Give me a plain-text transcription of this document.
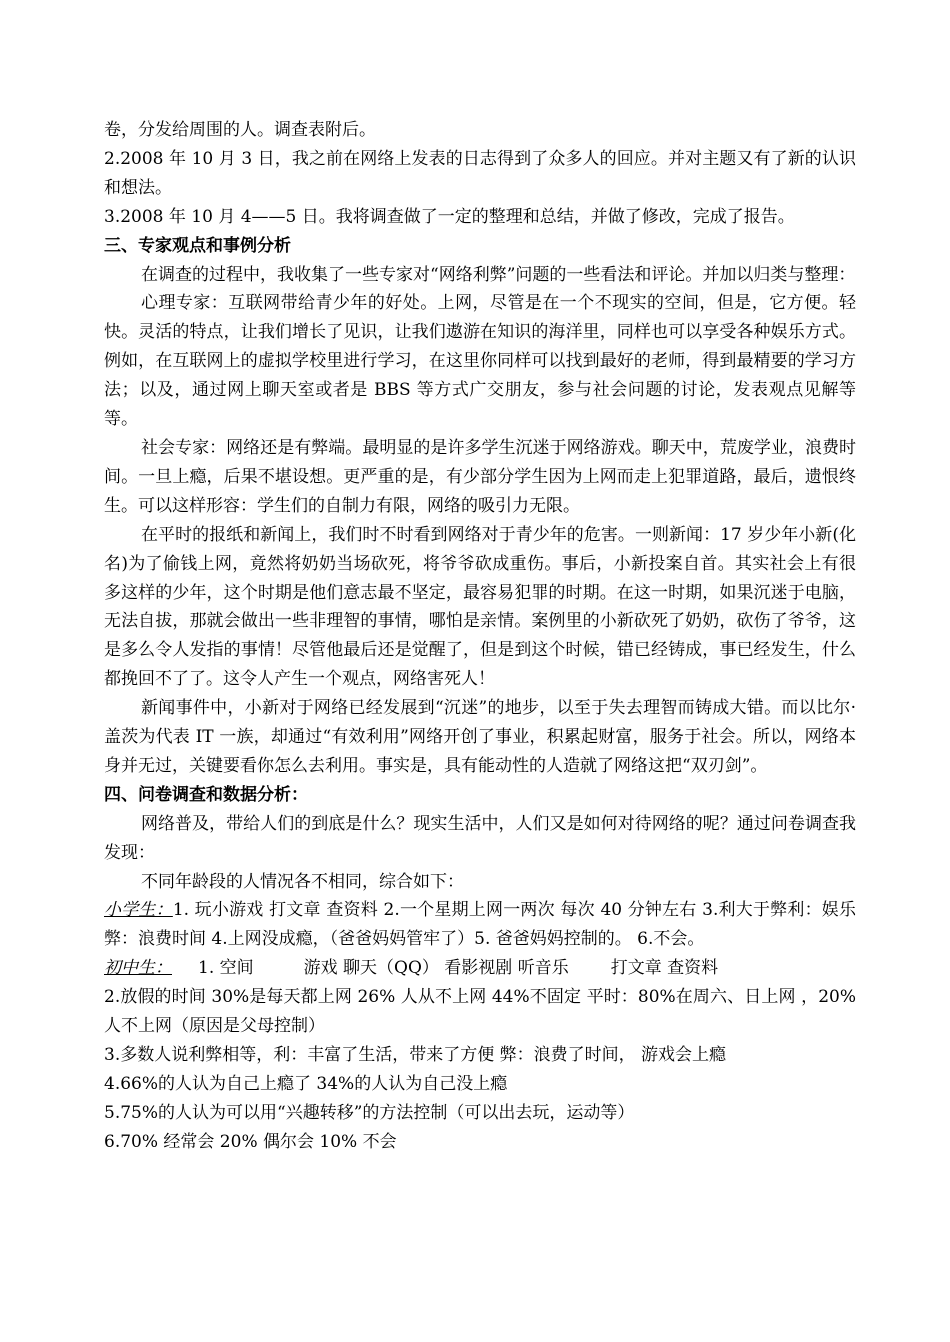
卷，分发给周围的人。调查表附后。

2.2008 年 10 月 3 日，我之前在网络上发表的日志得到了众多人的回应。并对主题又有了新的认识和想法。

3.2008 年 10 月 4——5 日。我将调查做了一定的整理和总结，并做了修改，完成了报告。

三、专家观点和事例分析

在调查的过程中，我收集了一些专家对“网络利弊”问题的一些看法和评论。并加以归类与整理：

心理专家：互联网带给青少年的好处。上网，尽管是在一个不现实的空间，但是，它方便。轻快。灵活的特点，让我们增长了见识，让我们遨游在知识的海洋里，同样也可以享受各种娱乐方式。例如，在互联网上的虚拟学校里进行学习，在这里你同样可以找到最好的老师，得到最精要的学习方法；以及，通过网上聊天室或者是 BBS 等方式广交朋友，参与社会问题的讨论，发表观点见解等等。

社会专家：网络还是有弊端。最明显的是许多学生沉迷于网络游戏。聊天中，荒废学业，浪费时间。一旦上瘾，后果不堪设想。更严重的是，有少部分学生因为上网而走上犯罪道路，最后，遗恨终生。可以这样形容：学生们的自制力有限，网络的吸引力无限。

在平时的报纸和新闻上，我们时不时看到网络对于青少年的危害。一则新闻：17 岁少年小新(化名)为了偷钱上网，竟然将奶奶当场砍死，将爷爷砍成重伤。事后，小新投案自首。其实社会上有很多这样的少年，这个时期是他们意志最不坚定，最容易犯罪的时期。在这一时期，如果沉迷于电脑，无法自拔，那就会做出一些非理智的事情，哪怕是亲情。案例里的小新砍死了奶奶，砍伤了爷爷，这是多么令人发指的事情！尽管他最后还是觉醒了，但是到这个时候，错已经铸成，事已经发生，什么都挽回不了了。这令人产生一个观点，网络害死人！

新闻事件中，小新对于网络已经发展到“沉迷”的地步，以至于失去理智而铸成大错。而以比尔·盖茨为代表 IT 一族，却通过“有效利用”网络开创了事业，积累起财富，服务于社会。所以，网络本身并无过，关键要看你怎么去利用。事实是，具有能动性的人造就了网络这把“双刃剑”。

四、问卷调查和数据分析：

网络普及，带给人们的到底是什么？现实生活中，人们又是如何对待网络的呢？通过问卷调查我发现：

不同年龄段的人情况各不相同，综合如下：

小学生：1. 玩小游戏 打文章 查资料 2.一个星期上网一两次 每次 40 分钟左右 3.利大于弊利：娱乐 弊：浪费时间 4.上网没成瘾，（爸爸妈妈管牢了）5. 爸爸妈妈控制的。 6.不会。

初中生： 1. 空间	游戏 聊天（QQ） 看影视剧 听音乐 打文章 查资料

2.放假的时间 30%是每天都上网 26% 人从不上网 44%不固定 平时：80%在周六、日上网 ，20%人不上网（原因是父母控制）

3.多数人说利弊相等，利：丰富了生活，带来了方便 弊：浪费了时间， 游戏会上瘾

4.66%的人认为自己上瘾了 34%的人认为自己没上瘾

5.75%的人认为可以用“兴趣转移”的方法控制（可以出去玩，运动等）

6.70% 经常会 20% 偶尔会 10% 不会
